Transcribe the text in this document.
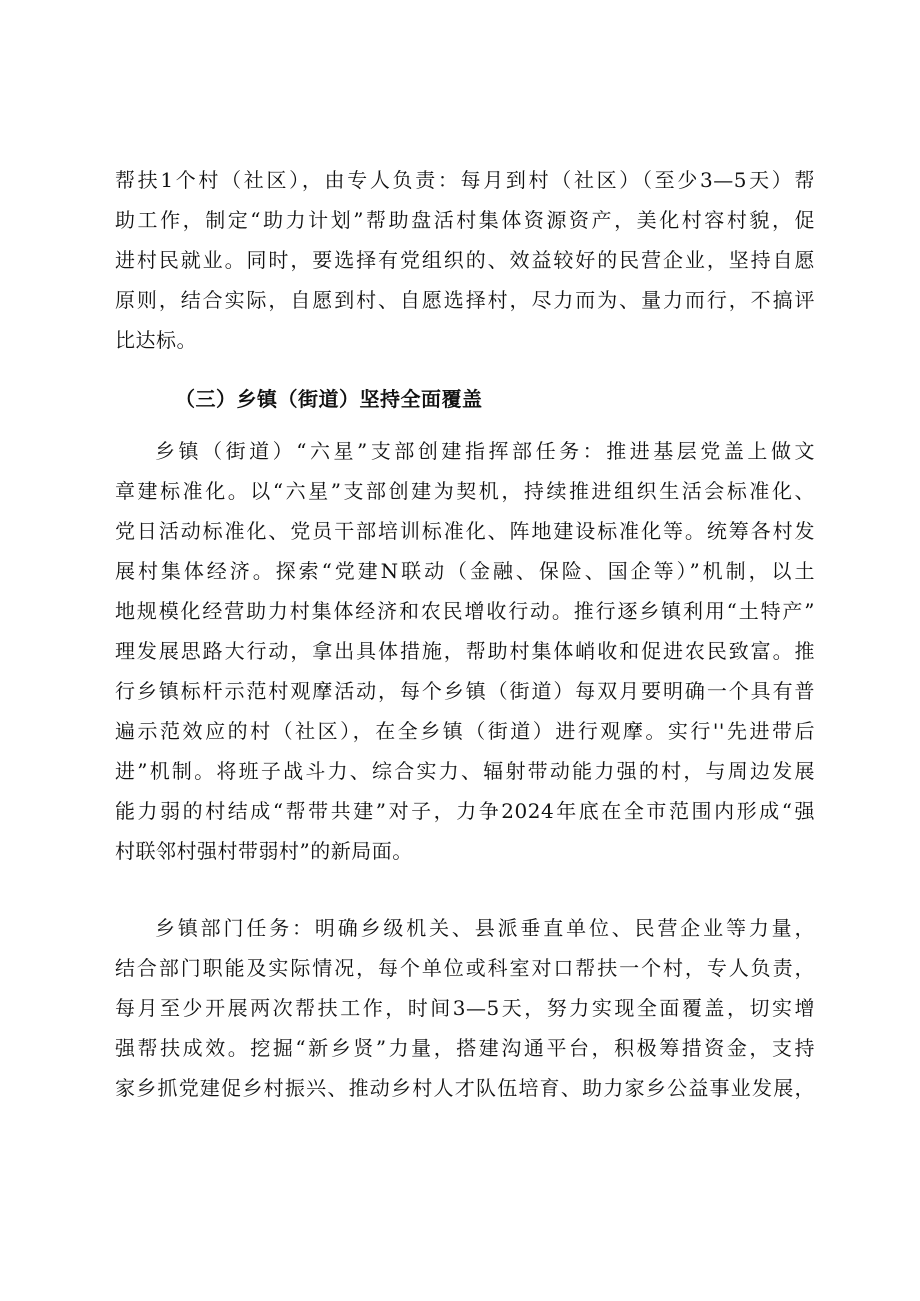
帮扶1个村（社区），由专人负责：每月到村（社区）（至少3—5天）帮
助工作，制定“助力计划”帮助盘活村集体资源资产，美化村容村貌，促
进村民就业。同时，要选择有党组织的、效益较好的民营企业，坚持自愿
原则，结合实际，自愿到村、自愿选择村，尽力而为、量力而行，不搞评
比达标。
（三）乡镇（街道）坚持全面覆盖
乡镇（街道）“六星”支部创建指挥部任务：推进基层党盖上做文
章建标准化。以“六星”支部创建为契机，持续推进组织生活会标准化、
党日活动标准化、党员干部培训标准化、阵地建设标准化等。统筹各村发
展村集体经济。探索“党建N联动（金融、保险、国企等）”机制，以土
地规模化经营助力村集体经济和农民增收行动。推行逐乡镇利用“土特产”
理发展思路大行动，拿出具体措施，帮助村集体峭收和促进农民致富。推
行乡镇标杆示范村观摩活动，每个乡镇（街道）每双月要明确一个具有普
遍示范效应的村（社区），在全乡镇（街道）进行观摩。实行''先进带后
进”机制。将班子战斗力、综合实力、辐射带动能力强的村，与周边发展
能力弱的村结成“帮带共建”对子，力争2024年底在全市范围内形成“强
村联邻村强村带弱村”的新局面。
乡镇部门任务：明确乡级机关、县派垂直单位、民营企业等力量，
结合部门职能及实际情况，每个单位或科室对口帮扶一个村，专人负责，
每月至少开展两次帮扶工作，时间3—5天，努力实现全面覆盖，切实增
强帮扶成效。挖掘“新乡贤”力量，搭建沟通平台，积极筹措资金，支持
家乡抓党建促乡村振兴、推动乡村人才队伍培育、助力家乡公益事业发展，
